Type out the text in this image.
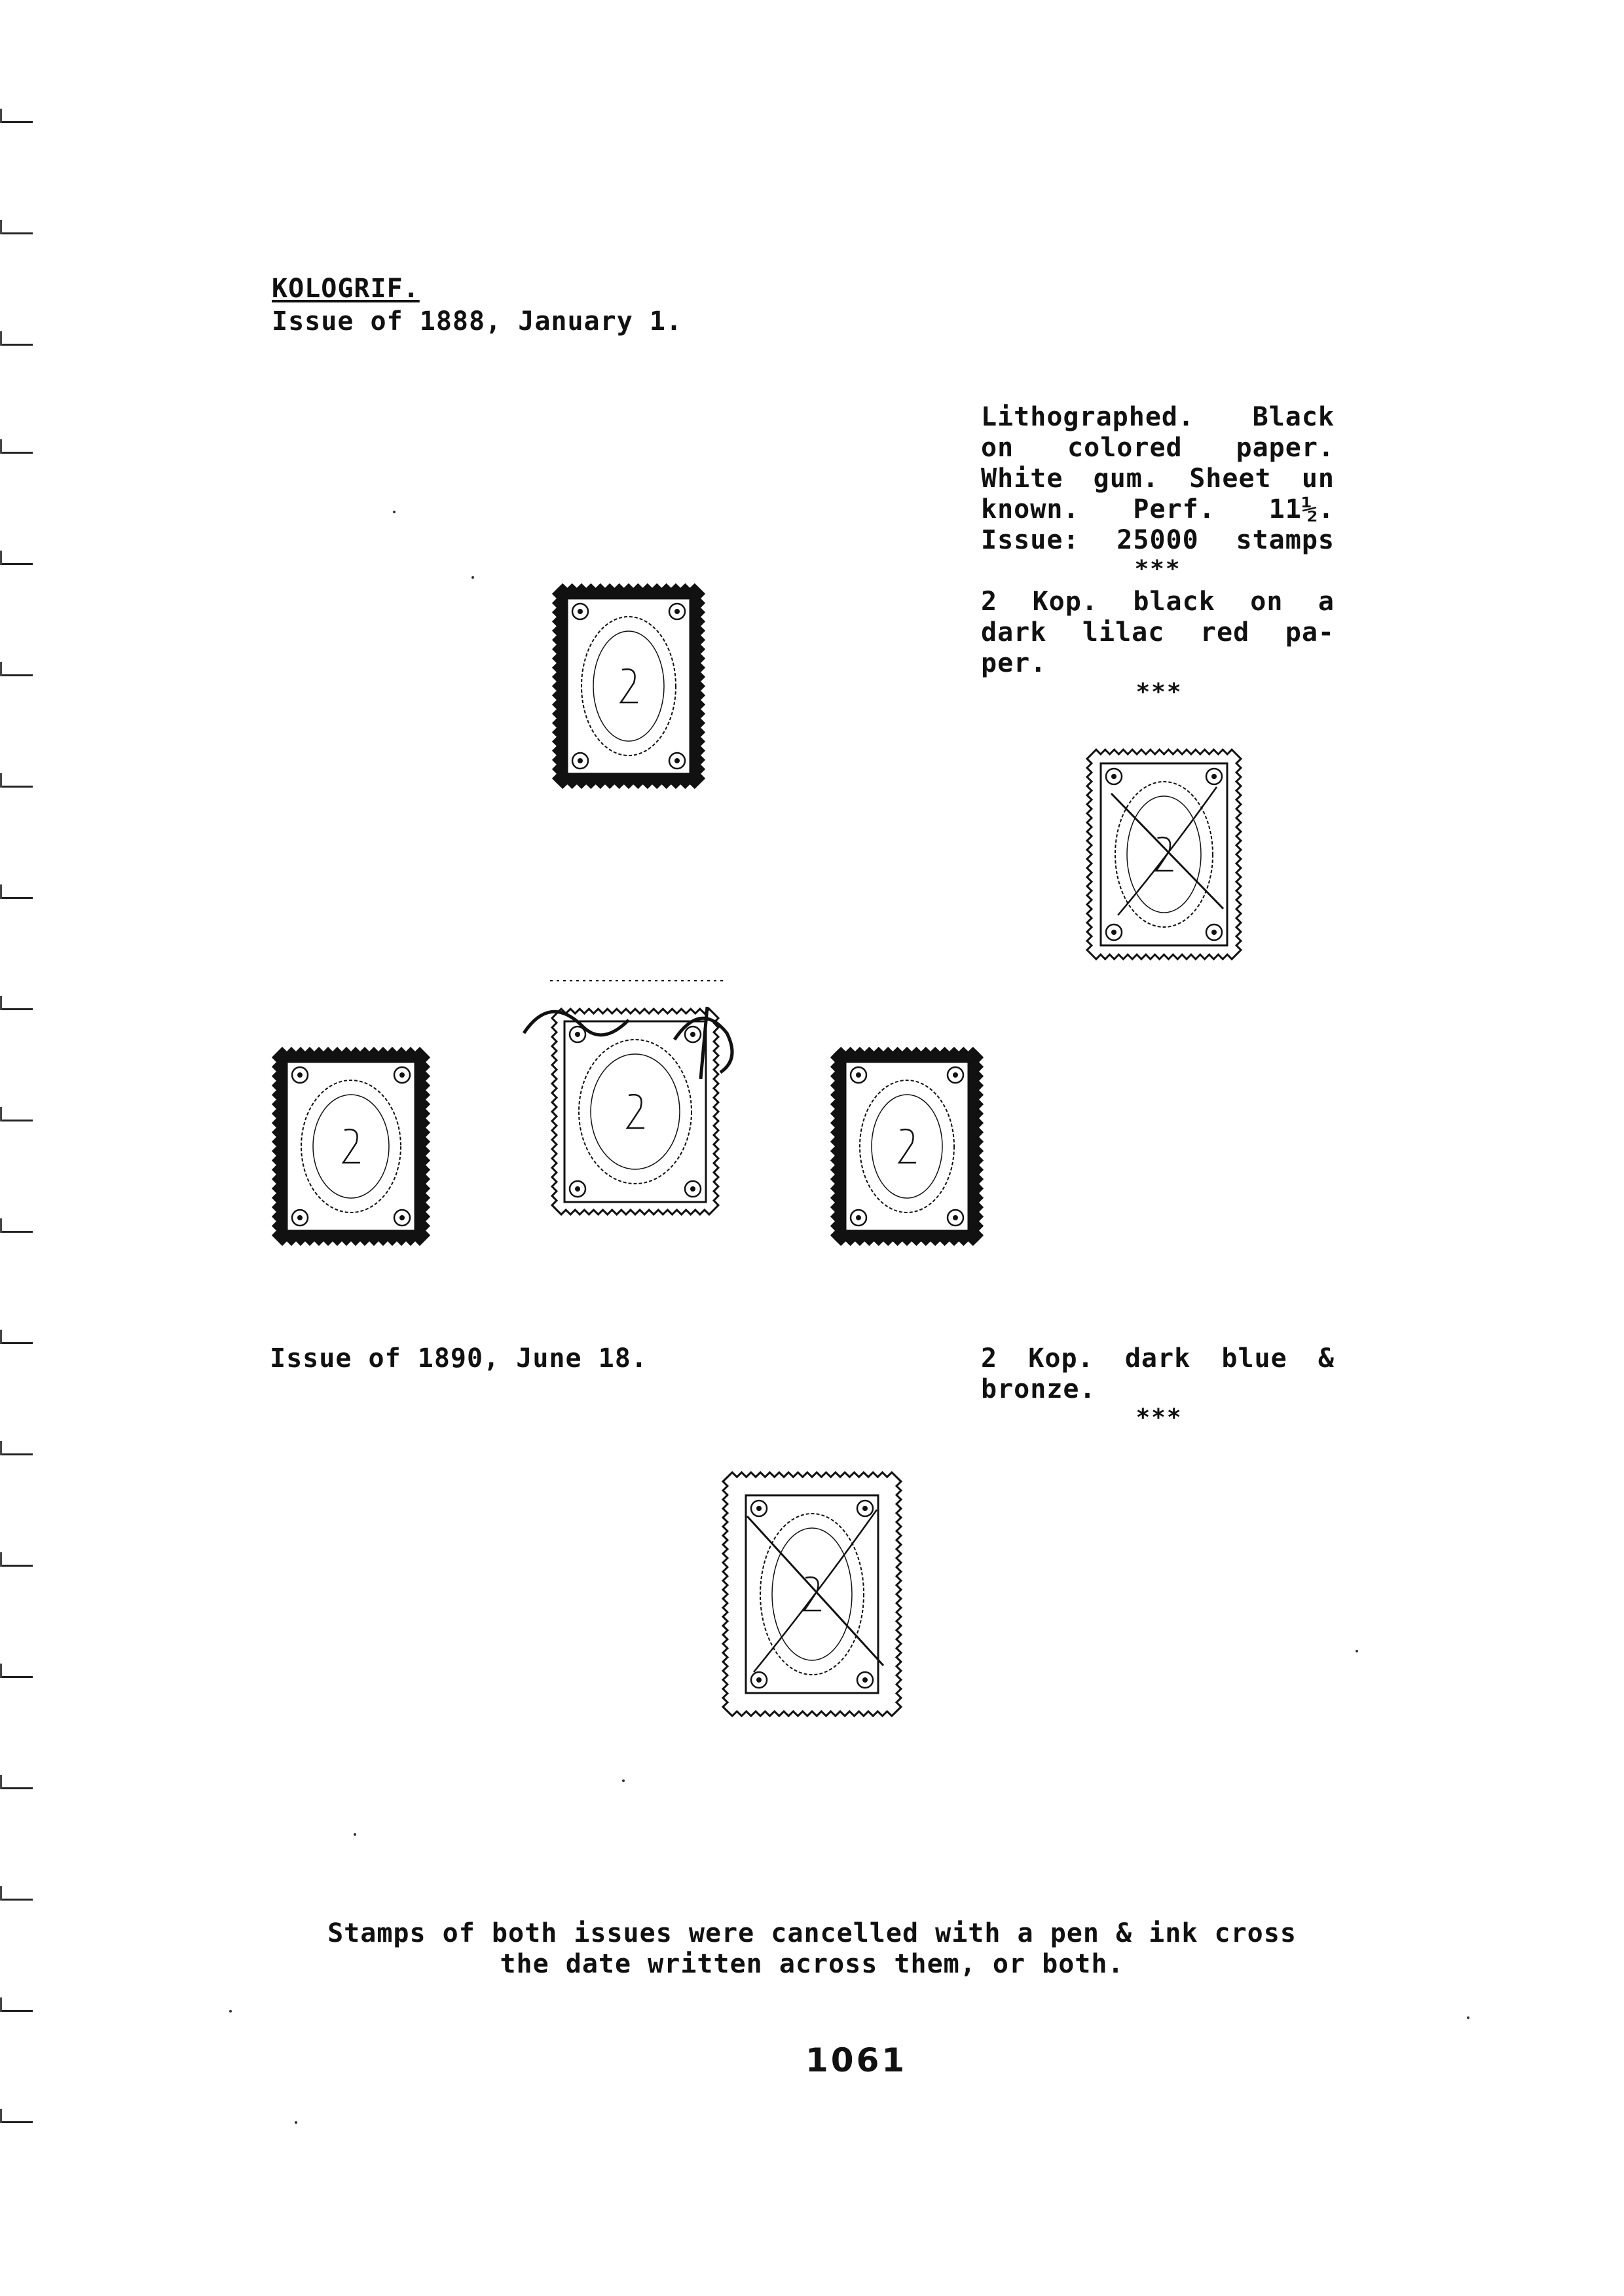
KOLOGRIF.
Issue of 1888, January 1.
Lithographed. Black
on colored paper.
White gum. Sheet un
known. Perf. 11½.
Issue: 25000 stamps
***
2 Kop. black on a
dark lilac red pa-
per.
***
Issue of 1890, June 18.	2 Kop. dark blue &
bronze.
***
Stamps of both issues were cancelled with a pen & ink cross
the date written across them, or both.
1061
